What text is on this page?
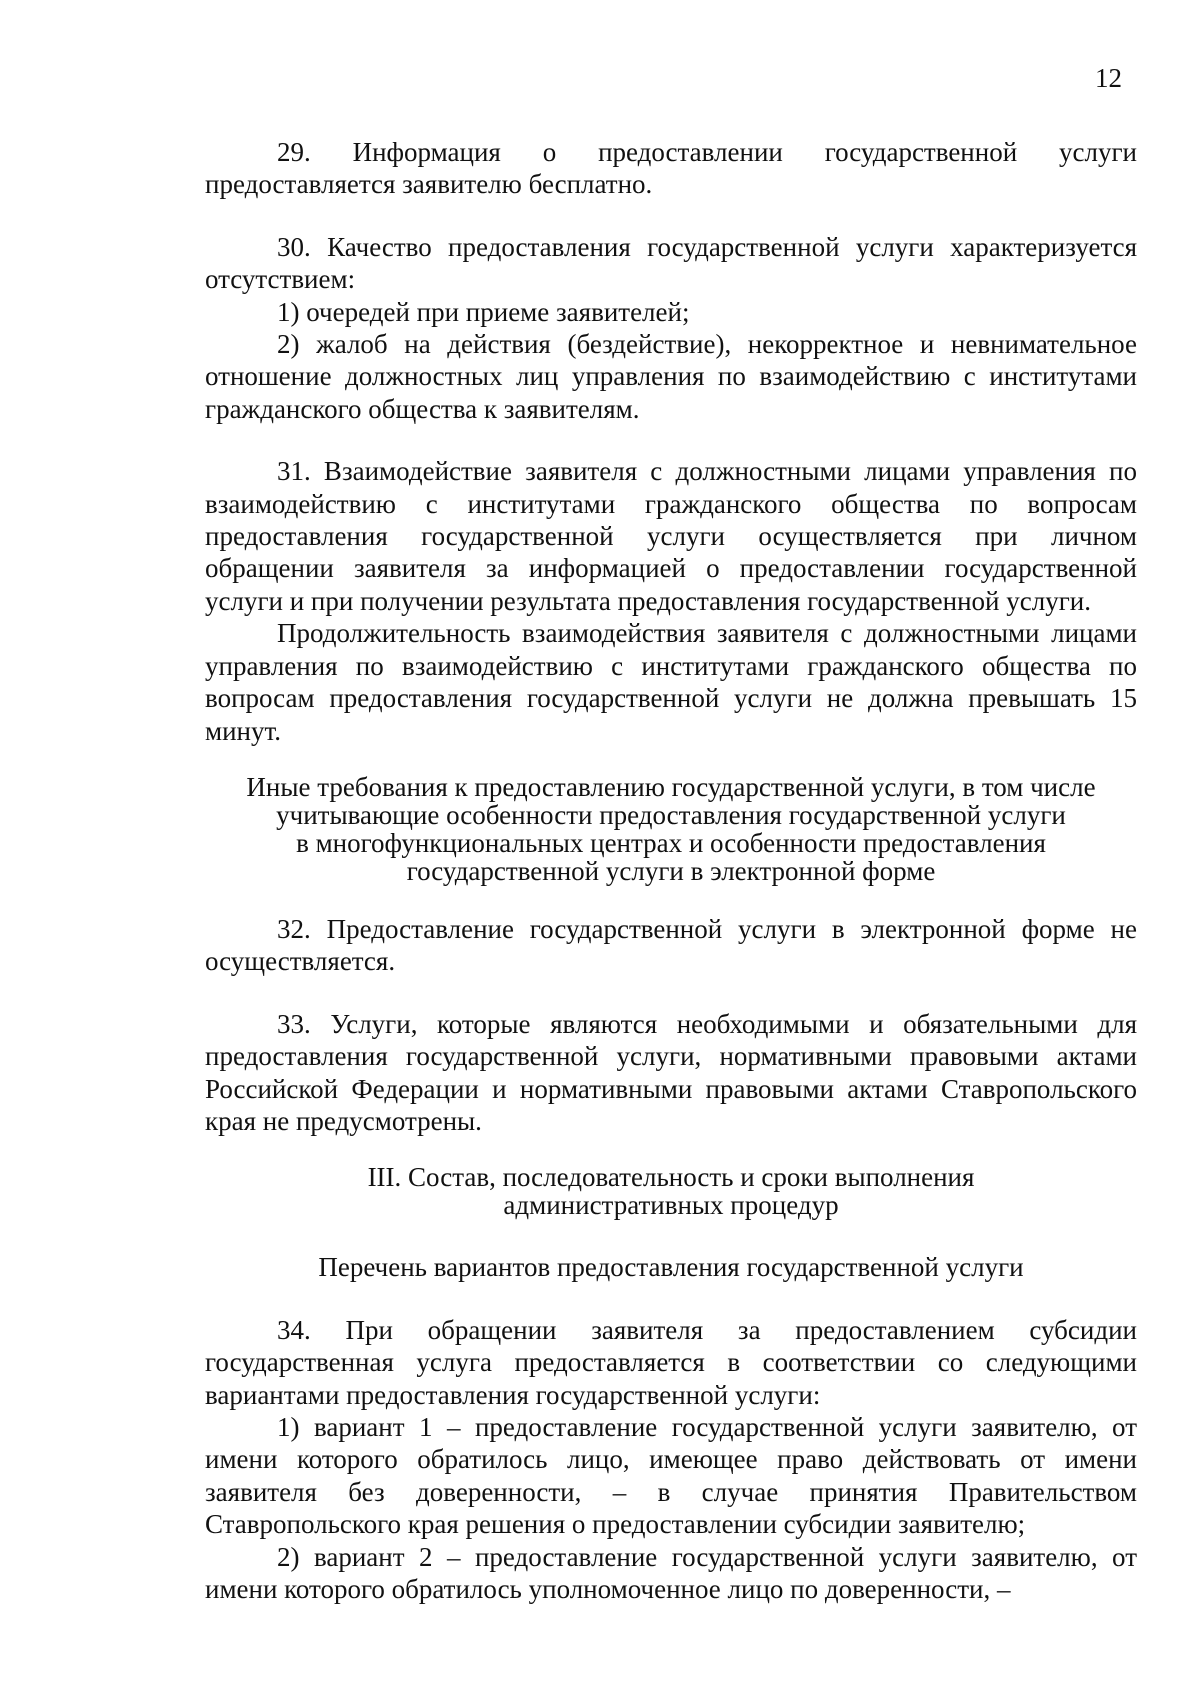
12

29. Информация о предоставлении государственной услуги предоставляется заявителю бесплатно.

30. Качество предоставления государственной услуги характеризуется отсутствием:

1) очередей при приеме заявителей;

2) жалоб на действия (бездействие), некорректное и невнимательное отношение должностных лиц управления по взаимодействию с институтами гражданского общества к заявителям.

31. Взаимодействие заявителя с должностными лицами управления по взаимодействию с институтами гражданского общества по вопросам предоставления государственной услуги осуществляется при личном обращении заявителя за информацией о предоставлении государственной услуги и при получении результата предоставления государственной услуги.

Продолжительность взаимодействия заявителя с должностными лицами управления по взаимодействию с институтами гражданского общества по вопросам предоставления государственной услуги не должна превышать 15 минут.

Иные требования к предоставлению государственной услуги, в том числе
учитывающие особенности предоставления государственной услуги
в многофункциональных центрах и особенности предоставления
государственной услуги в электронной форме

32. Предоставление государственной услуги в электронной форме не осуществляется.

33. Услуги, которые являются необходимыми и обязательными для предоставления государственной услуги, нормативными правовыми актами Российской Федерации и нормативными правовыми актами Ставропольского края не предусмотрены.

III. Состав, последовательность и сроки выполнения
административных процедур

Перечень вариантов предоставления государственной услуги

34. При обращении заявителя за предоставлением субсидии государственная услуга предоставляется в соответствии со следующими вариантами предоставления государственной услуги:

1) вариант 1 – предоставление государственной услуги заявителю, от имени которого обратилось лицо, имеющее право действовать от имени заявителя без доверенности, – в случае принятия Правительством Ставропольского края решения о предоставлении субсидии заявителю;

2) вариант 2 – предоставление государственной услуги заявителю, от имени которого обратилось уполномоченное лицо по доверенности, –
